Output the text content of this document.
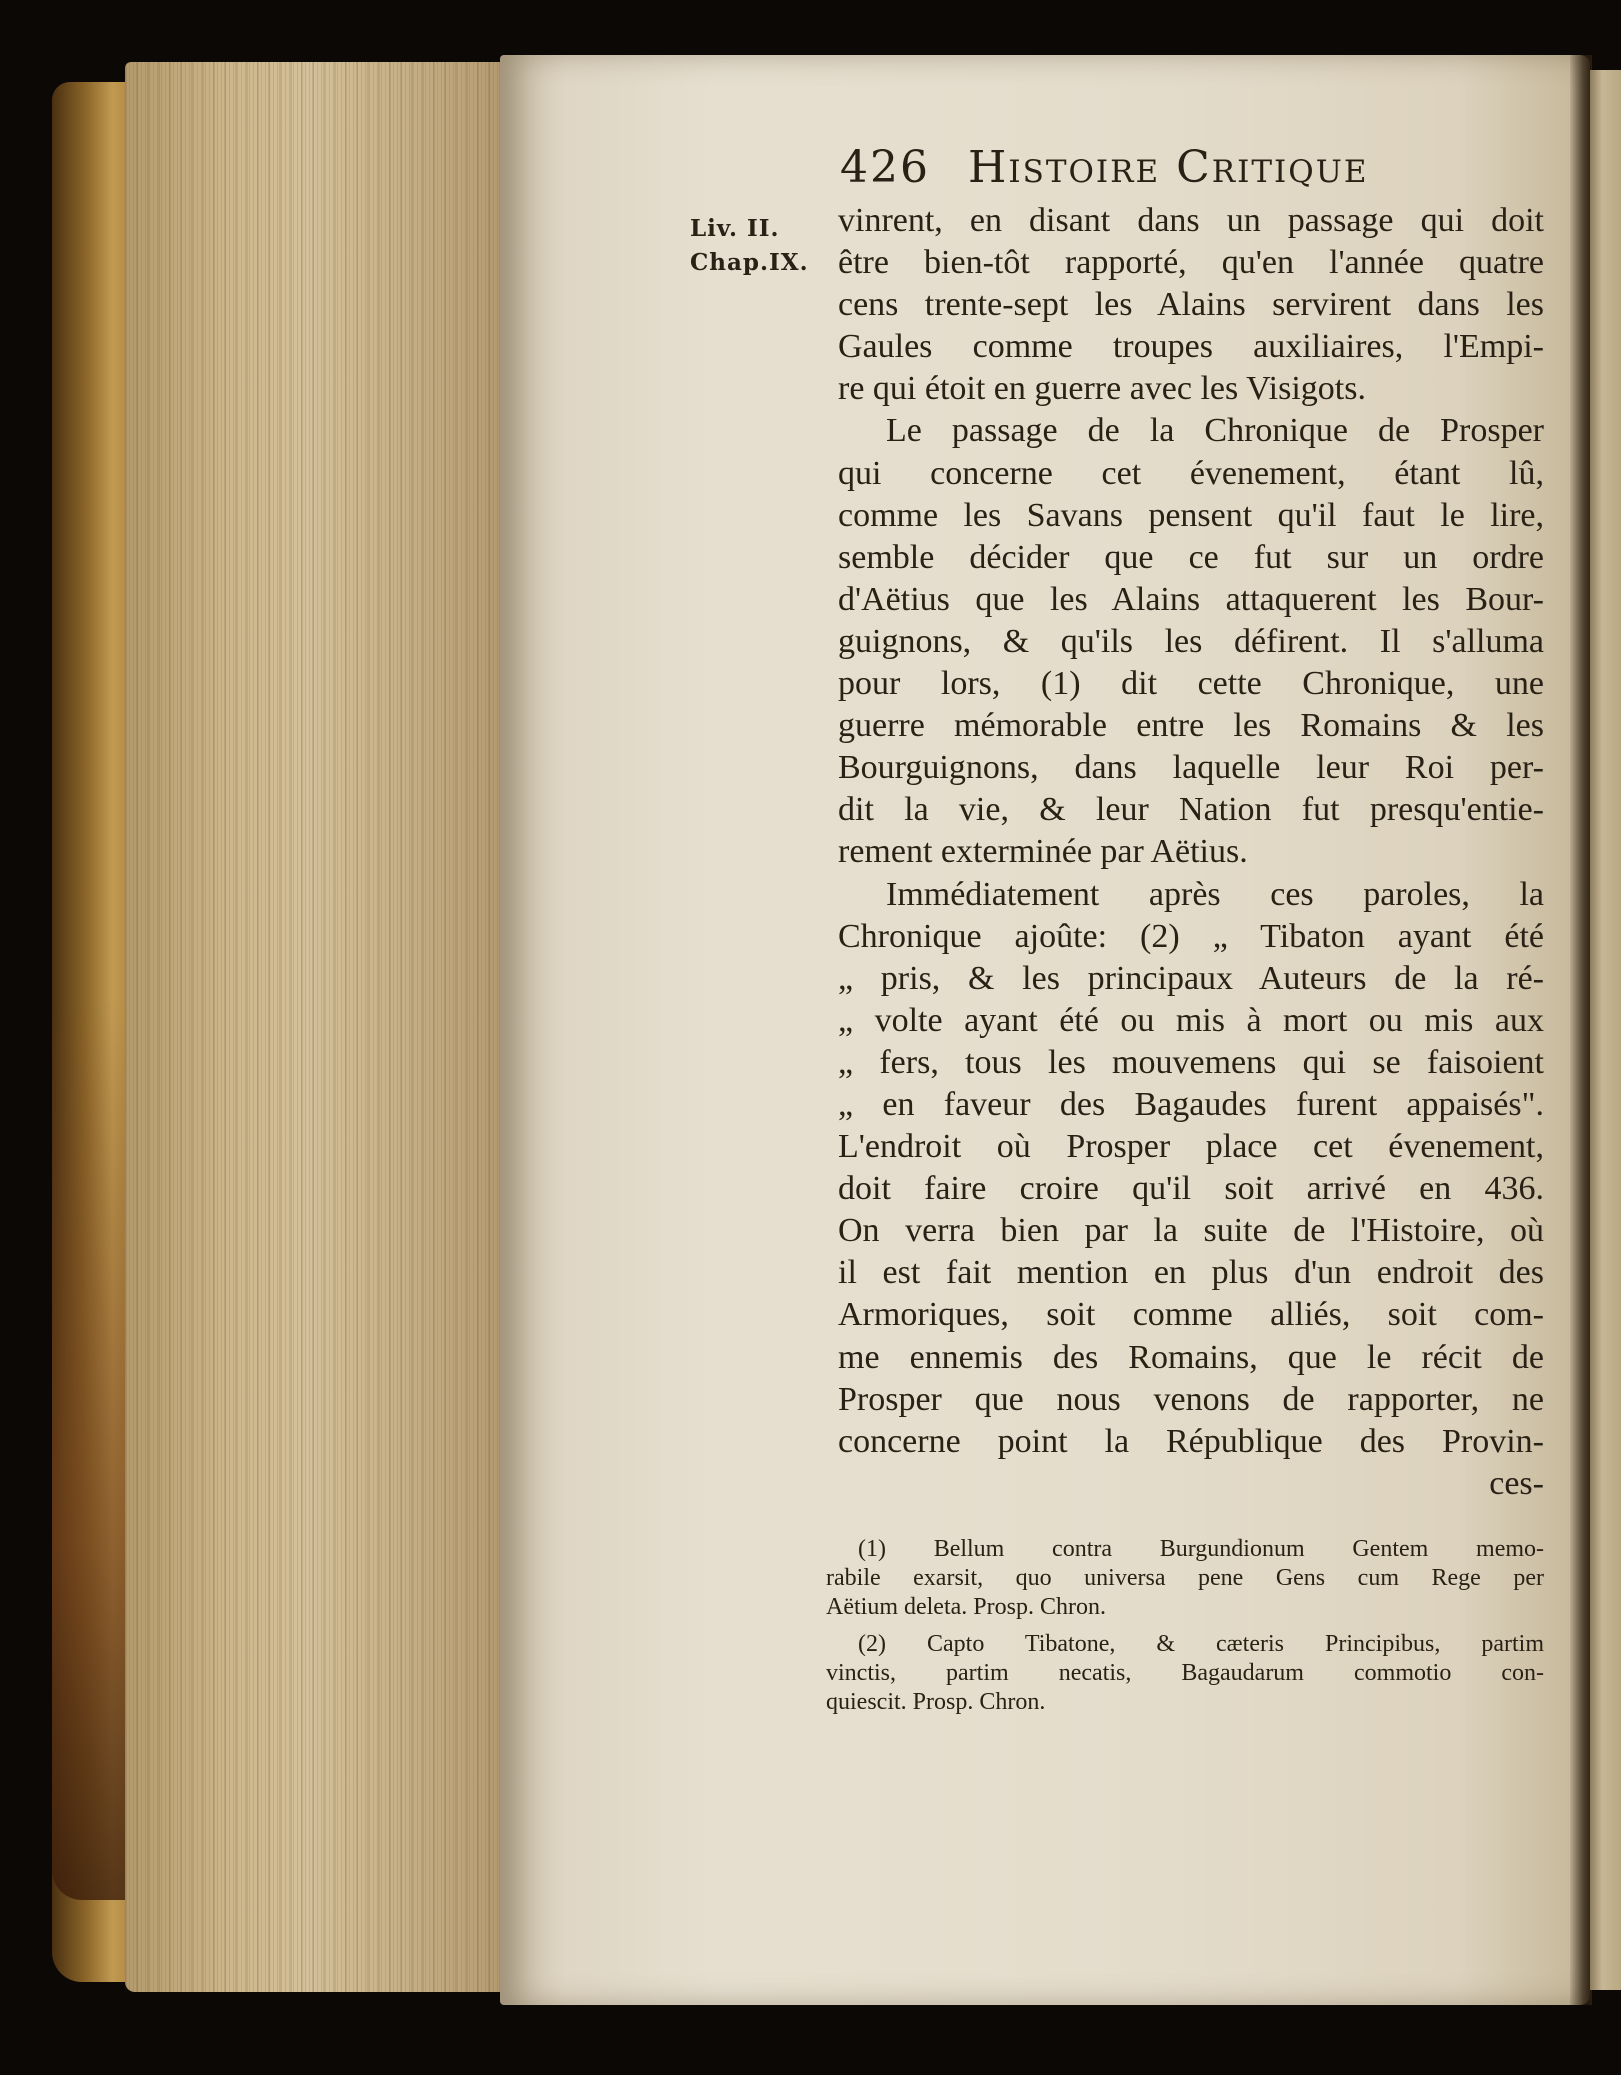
426 Histoire Critique
Liv. II.
Chap.IX.
vinrent, en disant dans un passage qui doit
être bien-tôt rapporté, qu'en l'année quatre
cens trente-sept les Alains servirent dans les
Gaules comme troupes auxiliaires, l'Empi-
re qui étoit en guerre avec les Visigots.
Le passage de la Chronique de Prosper
qui concerne cet évenement, étant lû,
comme les Savans pensent qu'il faut le lire,
semble décider que ce fut sur un ordre
d'Aëtius que les Alains attaquerent les Bour-
guignons, & qu'ils les défirent. Il s'alluma
pour lors, (1) dit cette Chronique, une
guerre mémorable entre les Romains & les
Bourguignons, dans laquelle leur Roi per-
dit la vie, & leur Nation fut presqu'entie-
rement exterminée par Aëtius.
Immédiatement après ces paroles, la
Chronique ajoûte: (2) „ Tibaton ayant été
„ pris, & les principaux Auteurs de la ré-
„ volte ayant été ou mis à mort ou mis aux
„ fers, tous les mouvemens qui se faisoient
„ en faveur des Bagaudes furent appaisés".
L'endroit où Prosper place cet évenement,
doit faire croire qu'il soit arrivé en 436.
On verra bien par la suite de l'Histoire, où
il est fait mention en plus d'un endroit des
Armoriques, soit comme alliés, soit com-
me ennemis des Romains, que le récit de
Prosper que nous venons de rapporter, ne
concerne point la République des Provin-
ces-
(1) Bellum contra Burgundionum Gentem memo-
rabile exarsit, quo universa pene Gens cum Rege per
Aëtium deleta. Prosp. Chron.
(2) Capto Tibatone, & cæteris Principibus, partim
vinctis, partim necatis, Bagaudarum commotio con-
quiescit. Prosp. Chron.
